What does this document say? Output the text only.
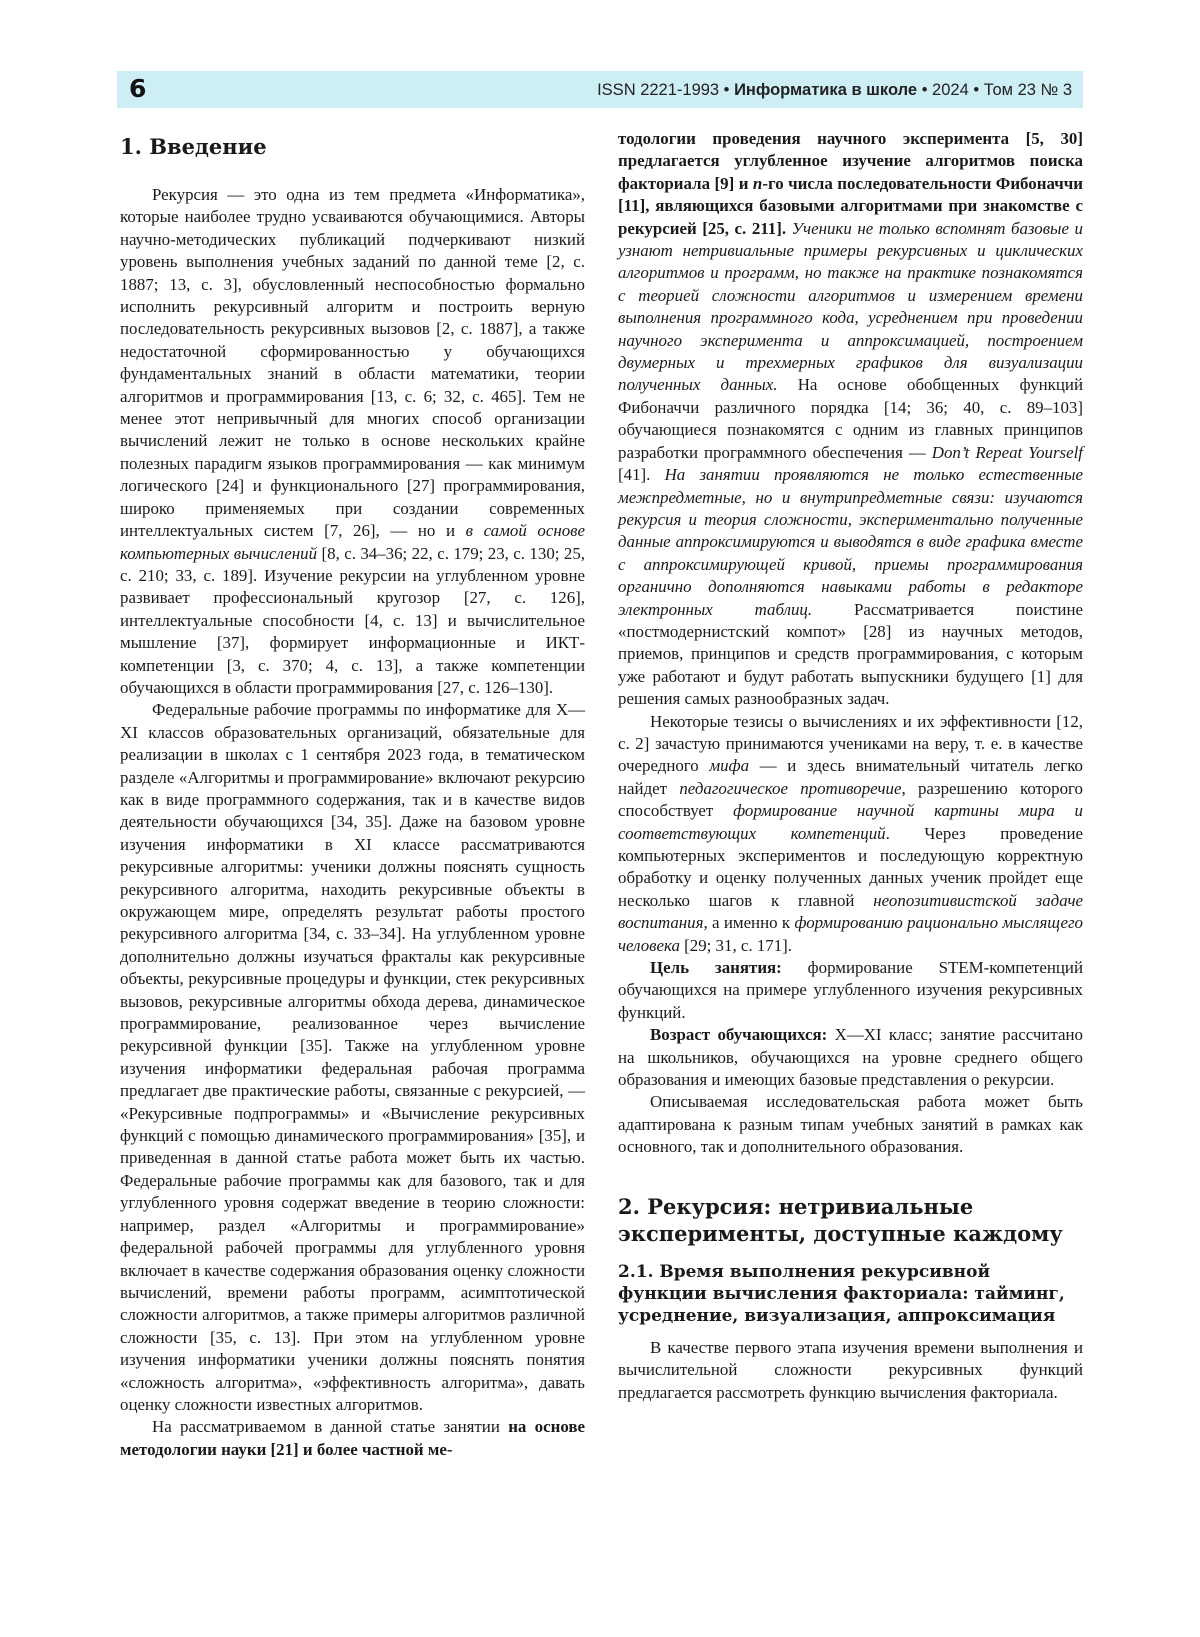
6	ISSN 2221-1993 • Информатика в школе • 2024 • Том 23 № 3
1. Введение

Рекурсия — это одна из тем предмета «Информатика», которые наиболее трудно усваиваются обучающимися. Авторы научно-методических публикаций подчеркивают низкий уровень выполнения учебных заданий по данной теме [2, с. 1887; 13, с. 3], обусловленный неспособностью формально исполнить рекурсивный алгоритм и построить верную последовательность рекурсивных вызовов [2, с. 1887], а также недостаточной сформированностью у обучающихся фундаментальных знаний в области математики, теории алгоритмов и программирования [13, с. 6; 32, с. 465]. Тем не менее этот непривычный для многих способ организации вычислений лежит не только в основе нескольких крайне полезных парадигм языков программирования — как минимум логического [24] и функционального [27] программирования, широко применяемых при создании современных интеллектуальных систем [7, 26], — но и в самой основе компьютерных вычислений [8, с. 34–36; 22, с. 179; 23, с. 130; 25, с. 210; 33, с. 189]. Изучение рекурсии на углубленном уровне развивает профессиональный кругозор [27, с. 126], интеллектуальные способности [4, с. 13] и вычислительное мышление [37], формирует информационные и ИКТ-компетенции [3, с. 370; 4, с. 13], а также компетенции обучающихся в области программирования [27, с. 126–130].

Федеральные рабочие программы по информатике для X—XI классов образовательных организаций, обязательные для реализации в школах с 1 сентября 2023 года, в тематическом разделе «Алгоритмы и программирование» включают рекурсию как в виде программного содержания, так и в качестве видов деятельности обучающихся [34, 35]. Даже на базовом уровне изучения информатики в XI классе рассматриваются рекурсивные алгоритмы: ученики должны пояснять сущность рекурсивного алгоритма, находить рекурсивные объекты в окружающем мире, определять результат работы простого рекурсивного алгоритма [34, с. 33–34]. На углубленном уровне дополнительно должны изучаться фракталы как рекурсивные объекты, рекурсивные процедуры и функции, стек рекурсивных вызовов, рекурсивные алгоритмы обхода дерева, динамическое программирование, реализованное через вычисление рекурсивной функции [35]. Также на углубленном уровне изучения информатики федеральная рабочая программа предлагает две практические работы, связанные с рекурсией, — «Рекурсивные подпрограммы» и «Вычисление рекурсивных функций с помощью динамического программирования» [35], и приведенная в данной статье работа может быть их частью. Федеральные рабочие программы как для базового, так и для углубленного уровня содержат введение в теорию сложности: например, раздел «Алгоритмы и программирование» федеральной рабочей программы для углубленного уровня включает в качестве содержания образования оценку сложности вычислений, времени работы программ, асимптотической сложности алгоритмов, а также примеры алгоритмов различной сложности [35, с. 13]. При этом на углубленном уровне изучения информатики ученики должны пояснять понятия «сложность алгоритма», «эффективность алгоритма», давать оценку сложности известных алгоритмов.

На рассматриваемом в данной статье занятии на основе методологии науки [21] и более частной ме-

тодологии проведения научного эксперимента [5, 30] предлагается углубленное изучение алгоритмов поиска факториала [9] и n-го числа последовательности Фибоначчи [11], являющихся базовыми алгоритмами при знакомстве с рекурсией [25, с. 211]. Ученики не только вспомнят базовые и узнают нетривиальные примеры рекурсивных и циклических алгоритмов и программ, но также на практике познакомятся с теорией сложности алгоритмов и измерением времени выполнения программного кода, усреднением при проведении научного эксперимента и аппроксимацией, построением двумерных и трехмерных графиков для визуализации полученных данных. На основе обобщенных функций Фибоначчи различного порядка [14; 36; 40, с. 89–103] обучающиеся познакомятся с одним из главных принципов разработки программного обеспечения — Don’t Repeat Yourself [41]. На занятии проявляются не только естественные межпредметные, но и внутрипредметные связи: изучаются рекурсия и теория сложности, экспериментально полученные данные аппроксимируются и выводятся в виде графика вместе с аппроксимирующей кривой, приемы программирования органично дополняются навыками работы в редакторе электронных таблиц. Рассматривается поистине «постмодернистский компот» [28] из научных методов, приемов, принципов и средств программирования, с которым уже работают и будут работать выпускники будущего [1] для решения самых разнообразных задач.

Некоторые тезисы о вычислениях и их эффективности [12, с. 2] зачастую принимаются учениками на веру, т. е. в качестве очередного мифа — и здесь внимательный читатель легко найдет педагогическое противоречие, разрешению которого способствует формирование научной картины мира и соответствующих компетенций. Через проведение компьютерных экспериментов и последующую корректную обработку и оценку полученных данных ученик пройдет еще несколько шагов к главной неопозитивистской задаче воспитания, а именно к формированию рационально мыслящего человека [29; 31, с. 171].

Цель занятия: формирование STEM-компетенций обучающихся на примере углубленного изучения рекурсивных функций.

Возраст обучающихся: X—XI класс; занятие рассчитано на школьников, обучающихся на уровне среднего общего образования и имеющих базовые представления о рекурсии.

Описываемая исследовательская работа может быть адаптирована к разным типам учебных занятий в рамках как основного, так и дополнительного образования.

2. Рекурсия: нетривиальные эксперименты, доступные каждому
2.1. Время выполнения рекурсивной функции вычисления факториала: тайминг, усреднение, визуализация, аппроксимация

В качестве первого этапа изучения времени выполнения и вычислительной сложности рекурсивных функций предлагается рассмотреть функцию вычисления факториала.
